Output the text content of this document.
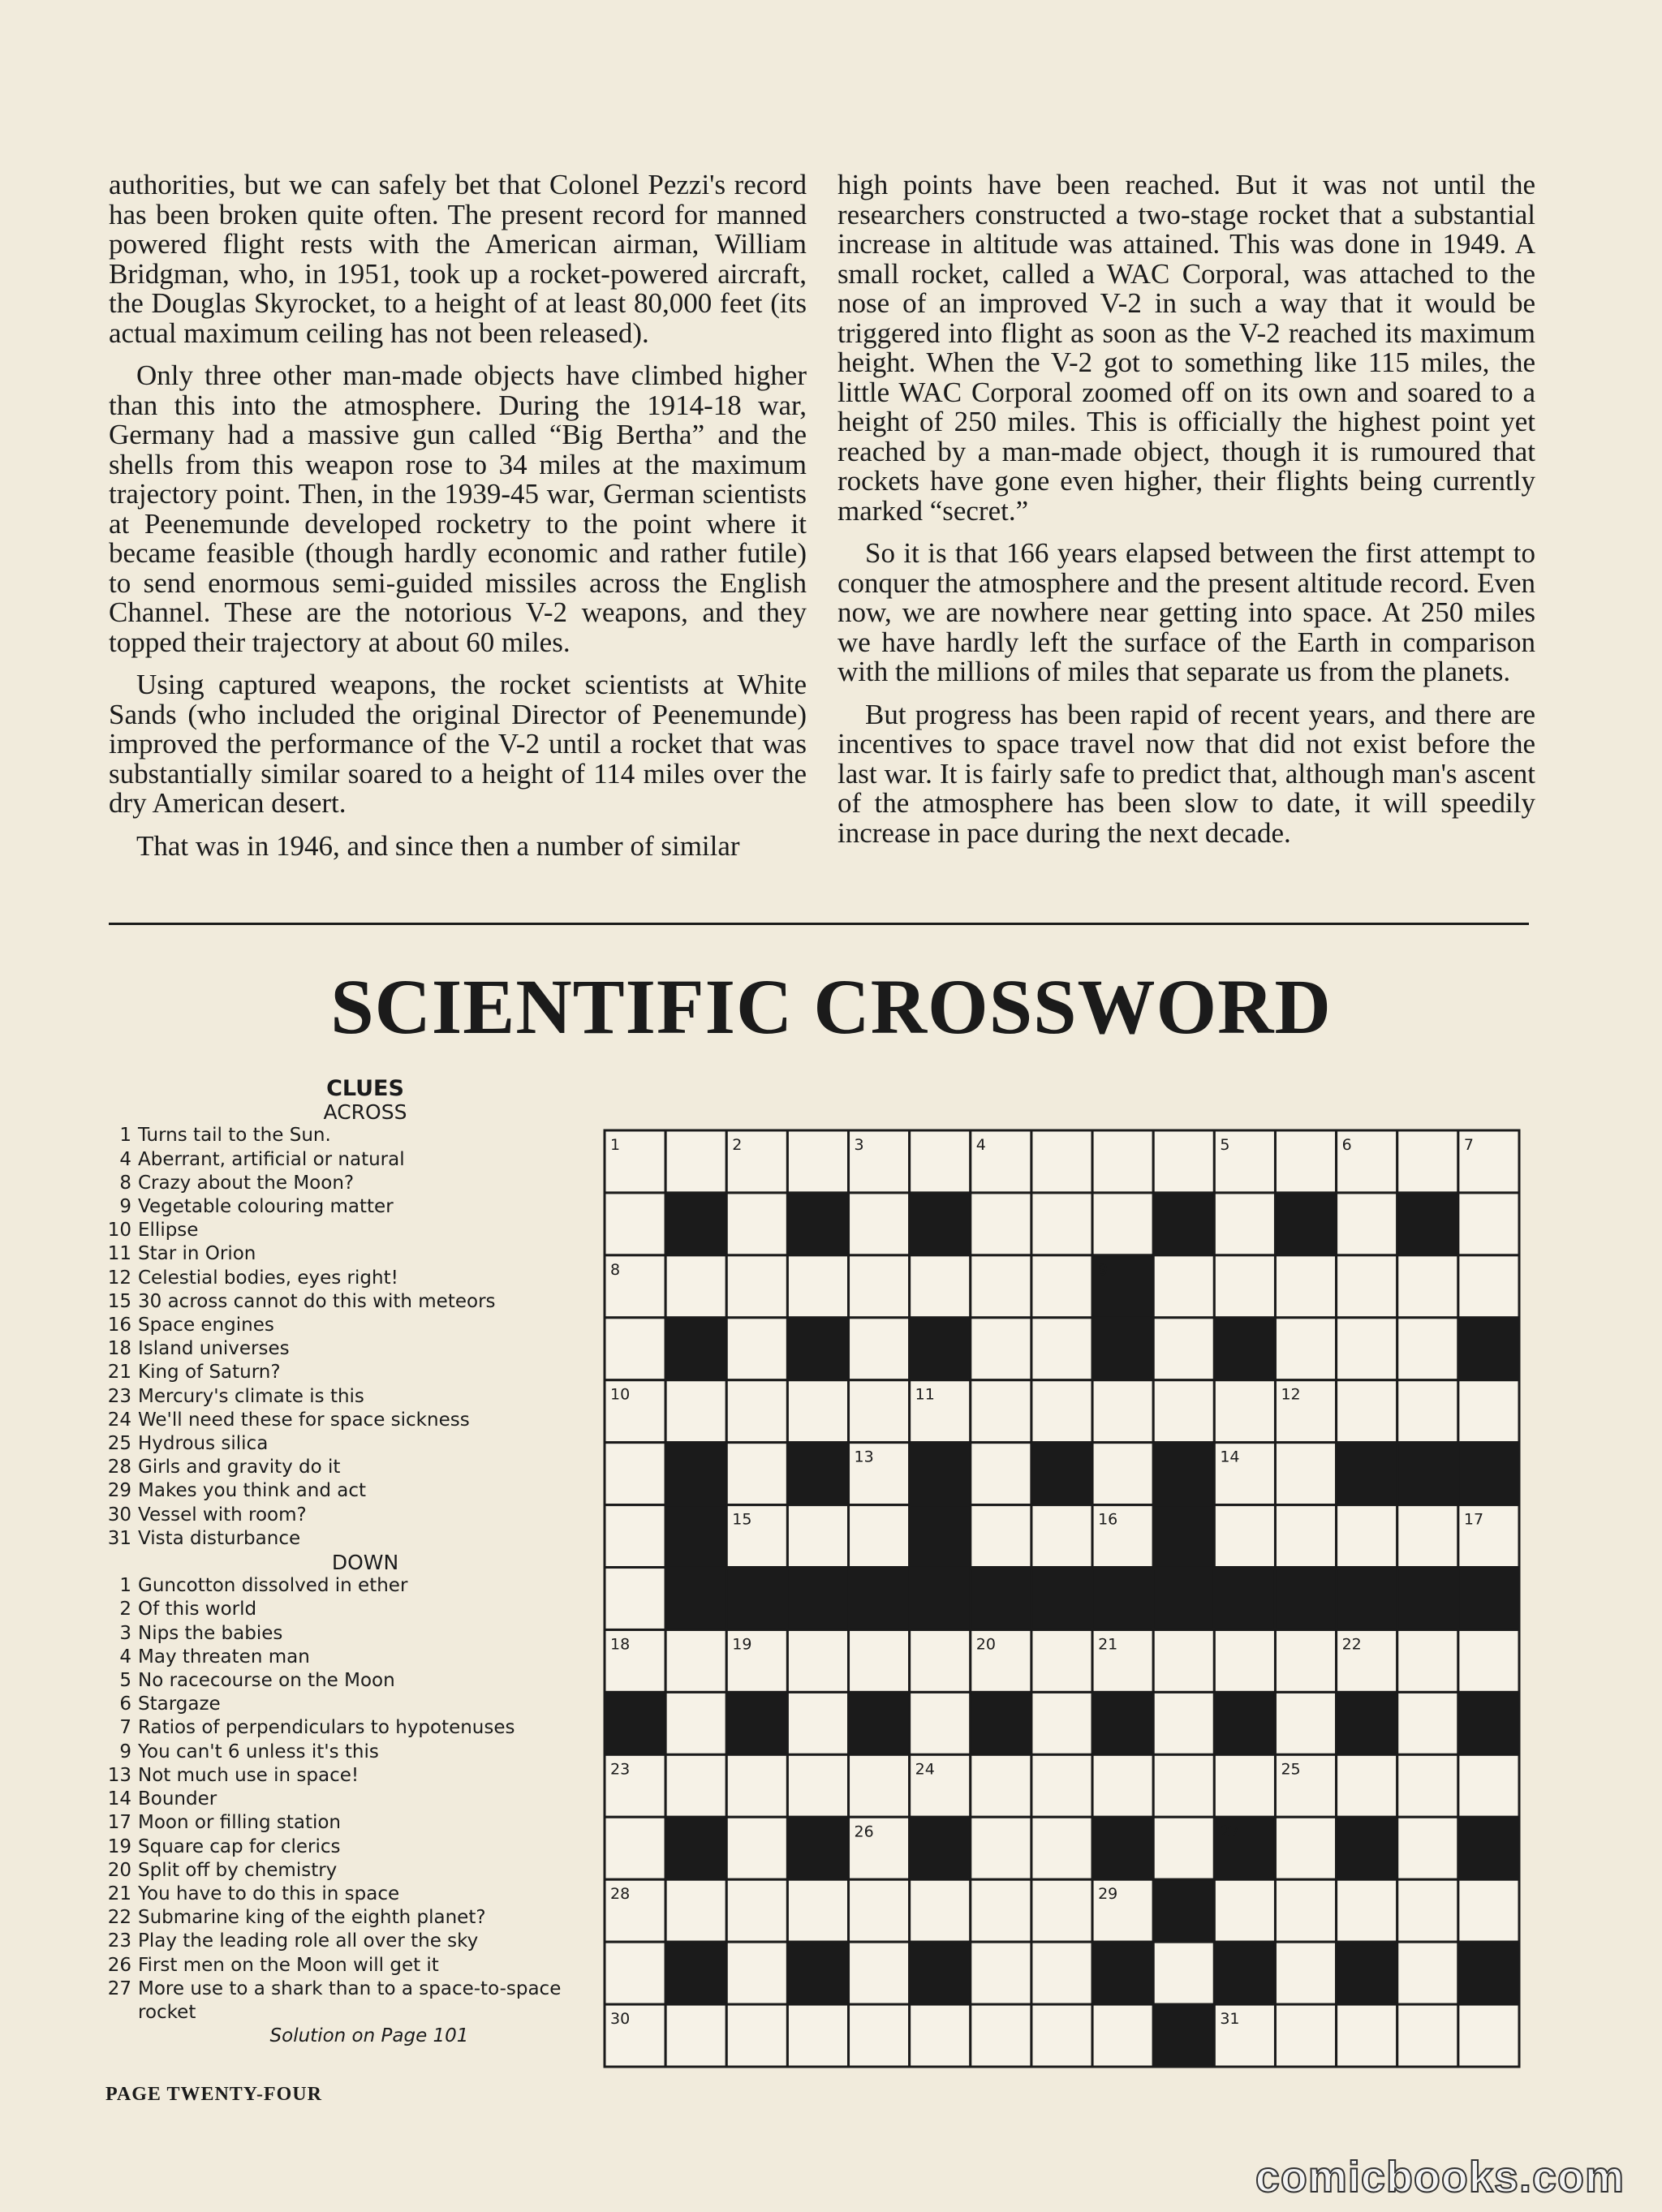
authorities, but we can safely bet that Colonel Pezzi's record has been broken quite often. The present record for manned powered flight rests with the American airman, William Bridgman, who, in 1951, took up a rocket-powered aircraft, the Douglas Skyrocket, to a height of at least 80,000 feet (its actual maximum ceiling has not been released).

Only three other man-made objects have climbed higher than this into the atmosphere. During the 1914-18 war, Germany had a massive gun called “Big Bertha” and the shells from this weapon rose to 34 miles at the maximum trajectory point. Then, in the 1939-45 war, German scientists at Peenemunde developed rocketry to the point where it became feasible (though hardly economic and rather futile) to send enormous semi-guided missiles across the English Channel. These are the notorious V-2 weapons, and they topped their trajectory at about 60 miles.

Using captured weapons, the rocket scientists at White Sands (who included the original Director of Peenemunde) improved the performance of the V-2 until a rocket that was substantially similar soared to a height of 114 miles over the dry American desert.

That was in 1946, and since then a number of similar

high points have been reached. But it was not until the researchers constructed a two-stage rocket that a substantial increase in altitude was attained. This was done in 1949. A small rocket, called a WAC Corporal, was attached to the nose of an improved V-2 in such a way that it would be triggered into flight as soon as the V-2 reached its maximum height. When the V-2 got to something like 115 miles, the little WAC Corporal zoomed off on its own and soared to a height of 250 miles. This is officially the highest point yet reached by a man-made object, though it is rumoured that rockets have gone even higher, their flights being currently marked “secret.”

So it is that 166 years elapsed between the first attempt to conquer the atmosphere and the present altitude record. Even now, we are nowhere near getting into space. At 250 miles we have hardly left the surface of the Earth in comparison with the millions of miles that separate us from the planets.

But progress has been rapid of recent years, and there are incentives to space travel now that did not exist before the last war. It is fairly safe to predict that, although man's ascent of the atmosphere has been slow to date, it will speedily increase in pace during the next decade.

SCIENTIFIC CROSSWORD
CLUES
ACROSS
1 Turns tail to the Sun.
4 Aberrant, artificial or natural
8 Crazy about the Moon?
9 Vegetable colouring matter
10 Ellipse
11 Star in Orion
12 Celestial bodies, eyes right!
15 30 across cannot do this with meteors
16 Space engines
18 Island universes
21 King of Saturn?
23 Mercury's climate is this
24 We'll need these for space sickness
25 Hydrous silica
28 Girls and gravity do it
29 Makes you think and act
30 Vessel with room?
31 Vista disturbance
DOWN
1 Guncotton dissolved in ether
2 Of this world
3 Nips the babies
4 May threaten man
5 No racecourse on the Moon
6 Stargaze
7 Ratios of perpendiculars to hypotenuses
9 You can't 6 unless it's this
13 Not much use in space!
14 Bounder
17 Moon or filling station
19 Square cap for clerics
20 Split off by chemistry
21 You have to do this in space
22 Submarine king of the eighth planet?
23 Play the leading role all over the sky
26 First men on the Moon will get it
27 More use to a shark than to a space-to-space rocket
Solution on Page 101
1	2	3	4	5	6	7
8	9
10	11	12
13	14
15	16	17
18	19	20	21	22
23	24	25
26	27
28	29
30	31
PAGE TWENTY-FOUR
comicbooks.com
